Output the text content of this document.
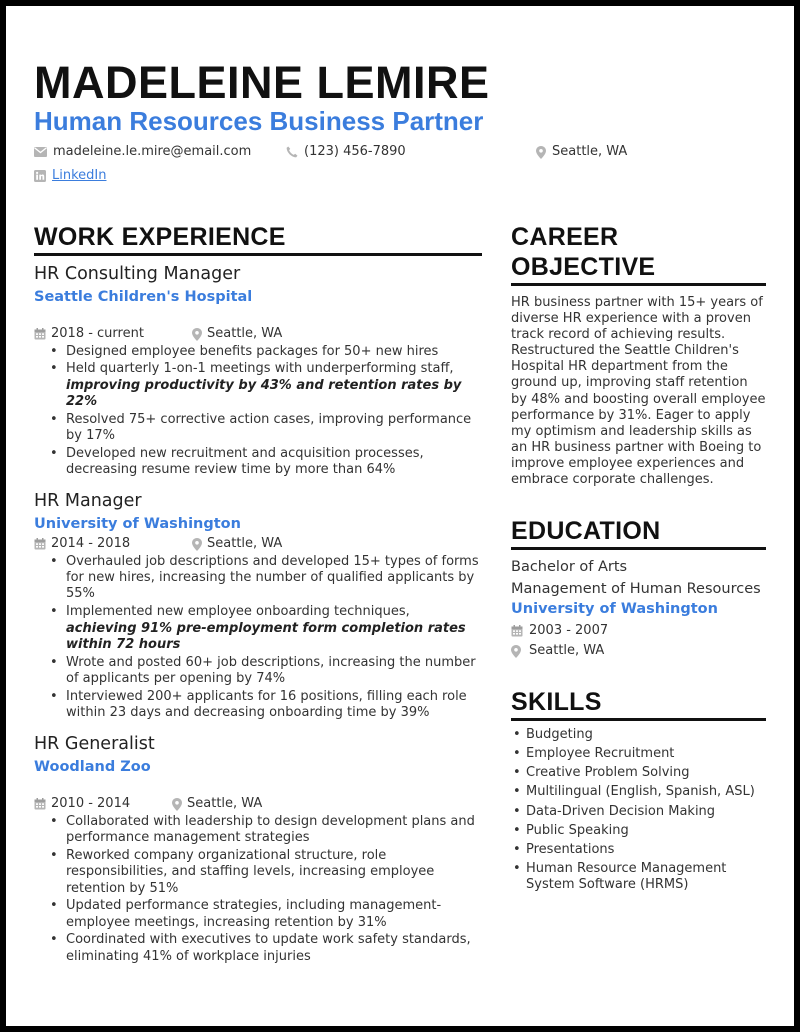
MADELEINE LEMIRE
Human Resources Business Partner
madeleine.le.mire@email.com	(123) 456-7890	Seattle, WA
LinkedIn
WORK EXPERIENCE
HR Consulting Manager
Seattle Children's Hospital
2018 - current	Seattle, WA
• Designed employee benefits packages for 50+ new hires
• Held quarterly 1-on-1 meetings with underperforming staff,
improving productivity by 43% and retention rates by 22%
• Resolved 75+ corrective action cases, improving performance by 17%
• Developed new recruitment and acquisition processes, decreasing resume review time by more than 64%
HR Manager
University of Washington
2014 - 2018	Seattle, WA
• Overhauled job descriptions and developed 15+ types of forms for new hires, increasing the number of qualified applicants by 55%
• Implemented new employee onboarding techniques,
achieving 91% pre-employment form completion rates within 72 hours
• Wrote and posted 60+ job descriptions, increasing the number of applicants per opening by 74%
• Interviewed 200+ applicants for 16 positions, filling each role within 23 days and decreasing onboarding time by 39%
HR Generalist
Woodland Zoo
2010 - 2014	Seattle, WA
• Collaborated with leadership to design development plans and performance management strategies
• Reworked company organizational structure, role responsibilities, and staffing levels, increasing employee retention by 51%
• Updated performance strategies, including management-employee meetings, increasing retention by 31%
• Coordinated with executives to update work safety standards, eliminating 41% of workplace injuries
CAREER
OBJECTIVE
HR business partner with 15+ years of diverse HR experience with a proven track record of achieving results. Restructured the Seattle Children's Hospital HR department from the ground up, improving staff retention by 48% and boosting overall employee performance by 31%. Eager to apply my optimism and leadership skills as an HR business partner with Boeing to improve employee experiences and embrace corporate challenges.
EDUCATION
Bachelor of Arts
Management of Human Resources
University of Washington
2003 - 2007
Seattle, WA
SKILLS
• Budgeting
• Employee Recruitment
• Creative Problem Solving
• Multilingual (English, Spanish, ASL)
• Data-Driven Decision Making
• Public Speaking
• Presentations
• Human Resource Management System Software (HRMS)
